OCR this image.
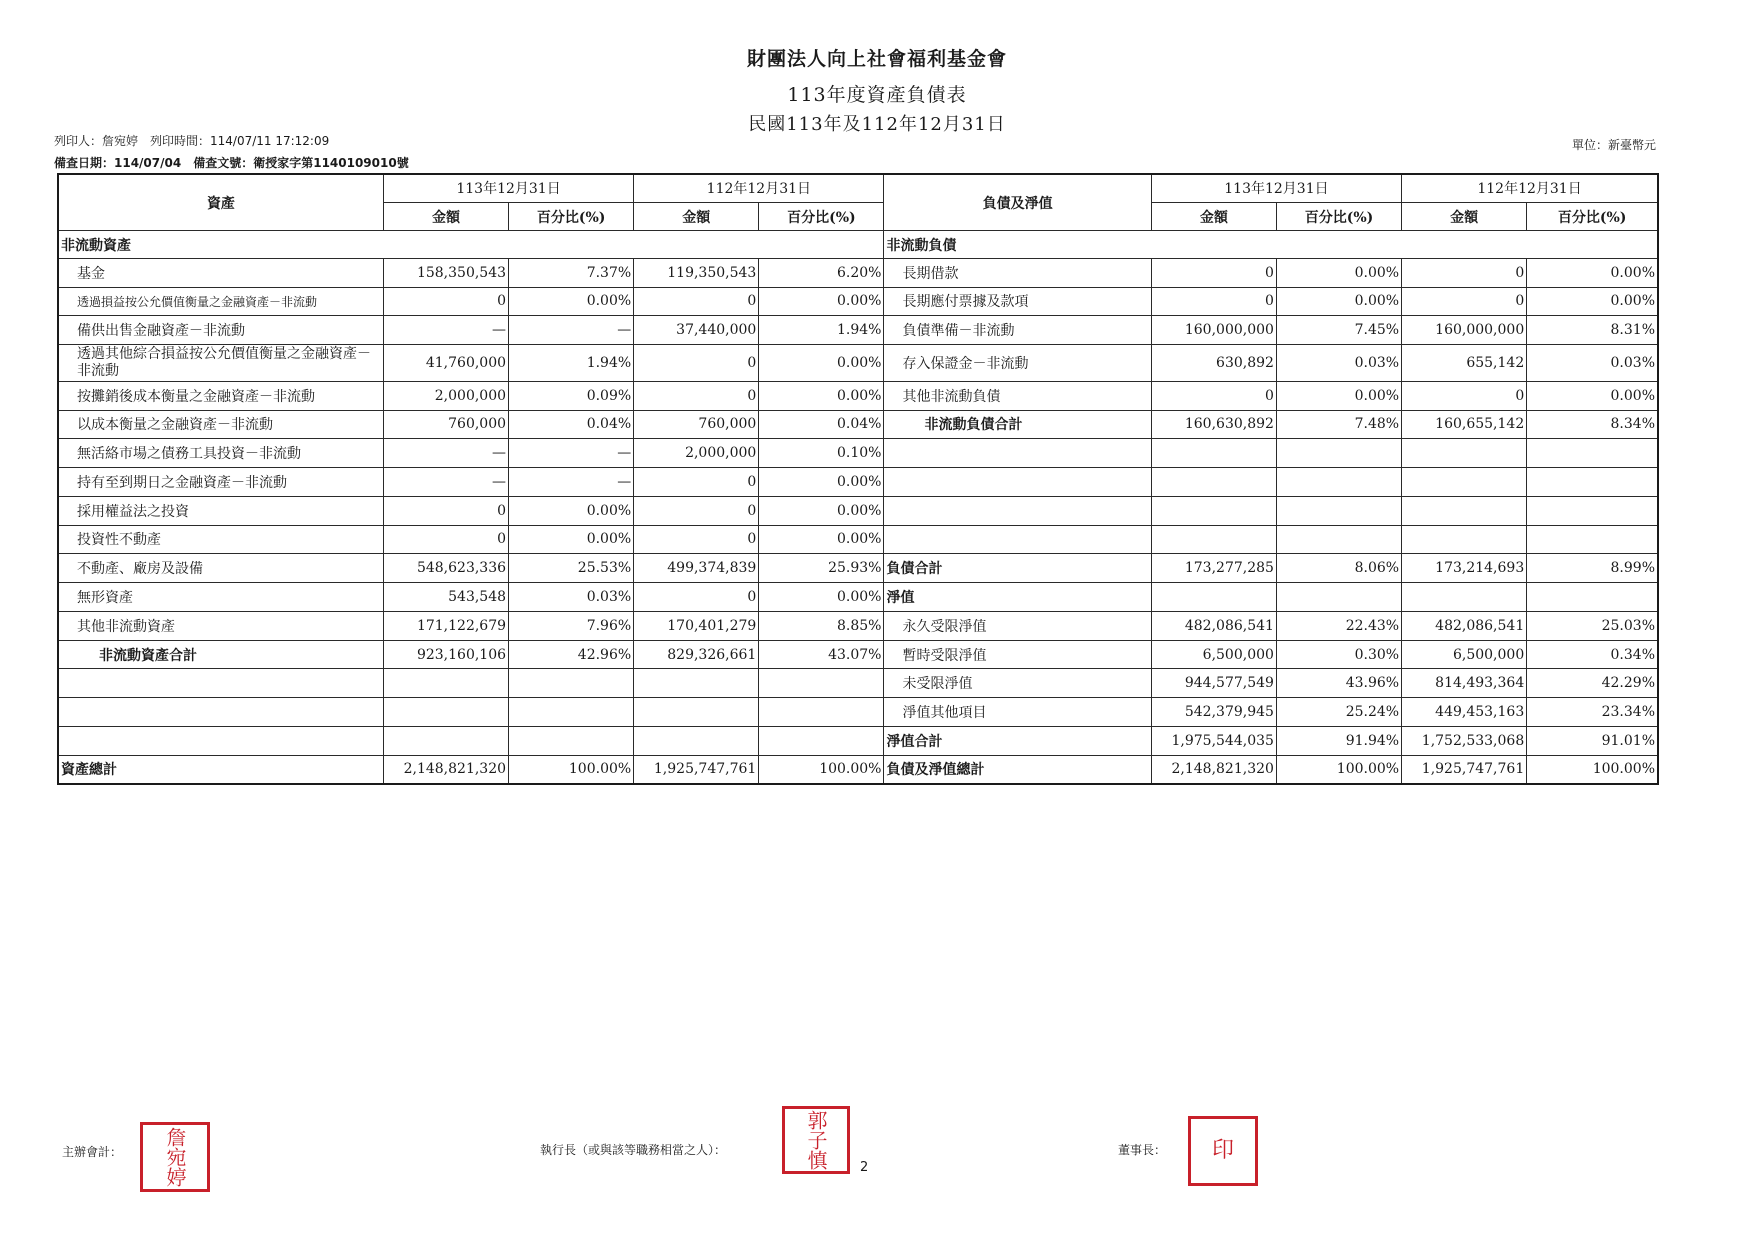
財團法人向上社會福利基金會
113年度資產負債表
民國113年及112年12月31日
列印人：詹宛婷　列印時間：114/07/11 17:12:09
備查日期：114/07/04　備查文號：衛授家字第1140109010號
單位：新臺幣元
資產	113年12月31日		112年12月31日		負債及淨值	113年12月31日		112年12月31日	
	金額	百分比(%)	金額	百分比(%)		金額	百分比(%)	金額	百分比(%)
非流動資產					非流動負債				
基金	158,350,543	7.37%	119,350,543	6.20%	長期借款	0	0.00%	0	0.00%
透過損益按公允價值衡量之金融資產－非流動	0	0.00%	0	0.00%	長期應付票據及款項	0	0.00%	0	0.00%
備供出售金融資產－非流動	—	—	37,440,000	1.94%	負債準備－非流動	160,000,000	7.45%	160,000,000	8.31%
透過其他綜合損益按公允價值衡量之金融資產－非流動	41,760,000	1.94%	0	0.00%	存入保證金－非流動	630,892	0.03%	655,142	0.03%
按攤銷後成本衡量之金融資產－非流動	2,000,000	0.09%	0	0.00%	其他非流動負債	0	0.00%	0	0.00%
以成本衡量之金融資產－非流動	760,000	0.04%	760,000	0.04%	非流動負債合計	160,630,892	7.48%	160,655,142	8.34%
無活絡市場之債務工具投資－非流動	—	—	2,000,000	0.10%					
持有至到期日之金融資產－非流動	—	—	0	0.00%					
採用權益法之投資	0	0.00%	0	0.00%					
投資性不動產	0	0.00%	0	0.00%					
不動產、廠房及設備	548,623,336	25.53%	499,374,839	25.93%	負債合計	173,277,285	8.06%	173,214,693	8.99%
無形資產	543,548	0.03%	0	0.00%	淨值				
其他非流動資產	171,122,679	7.96%	170,401,279	8.85%	永久受限淨值	482,086,541	22.43%	482,086,541	25.03%
非流動資產合計	923,160,106	42.96%	829,326,661	43.07%	暫時受限淨值	6,500,000	0.30%	6,500,000	0.34%
					未受限淨值	944,577,549	43.96%	814,493,364	42.29%
					淨值其他項目	542,379,945	25.24%	449,453,163	23.34%
					淨值合計	1,975,544,035	91.94%	1,752,533,068	91.01%
資產總計	2,148,821,320	100.00%	1,925,747,761	100.00%	負債及淨值總計	2,148,821,320	100.00%	1,925,747,761	100.00%
主辦會計： 詹宛婷	執行長（或與該等職務相當之人）：	郭子慎 2
董事長： 印
